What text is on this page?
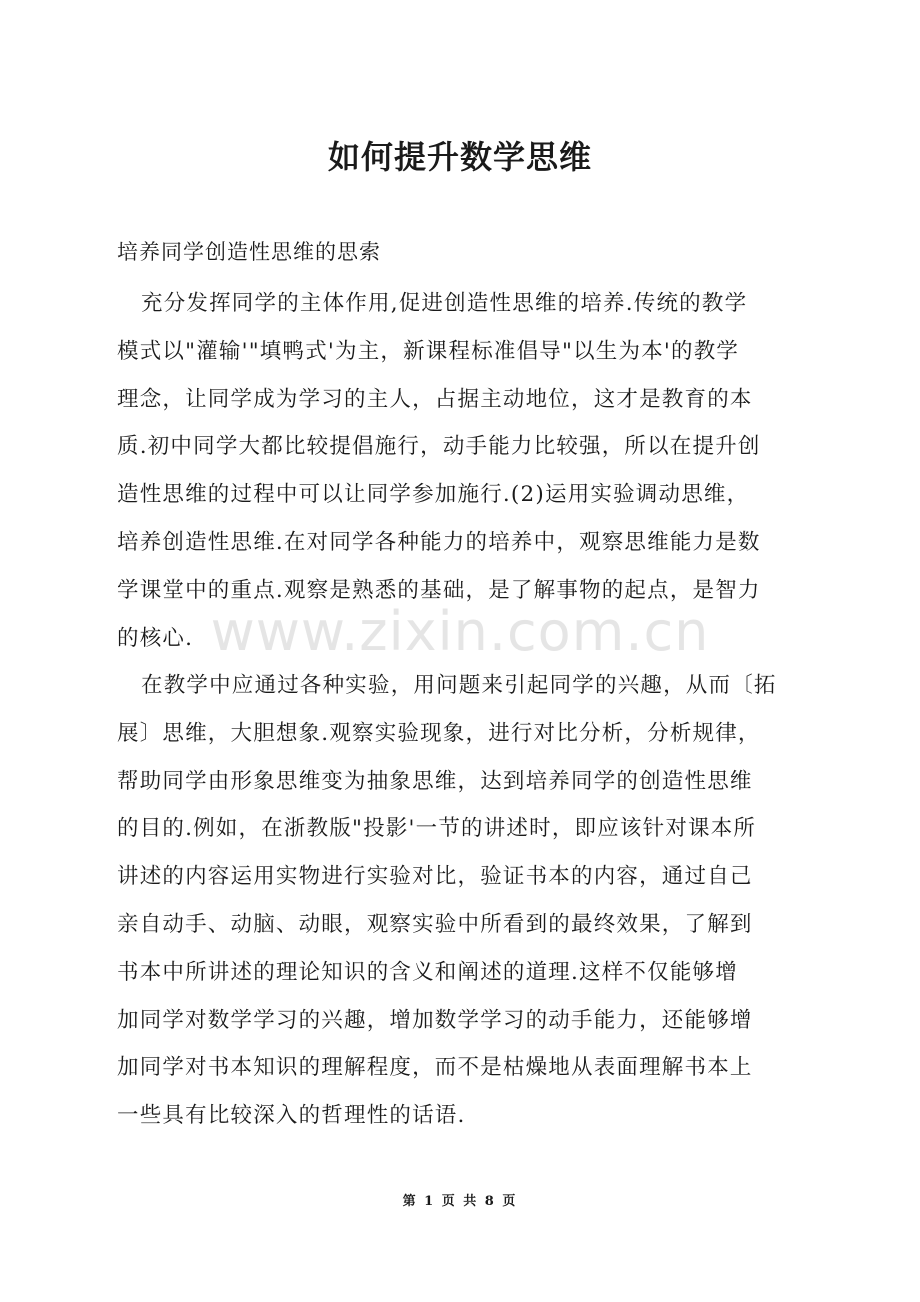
如何提升数学思维

培养同学创造性思维的思索

充分发挥同学的主体作用,促进创造性思维的培养.传统的教学
模式以"灌输'"填鸭式'为主，新课程标准倡导"以生为本'的教学
理念，让同学成为学习的主人，占据主动地位，这才是教育的本
质.初中同学大都比较提倡施行，动手能力比较强，所以在提升创
造性思维的过程中可以让同学参加施行.(2)运用实验调动思维，
培养创造性思维.在对同学各种能力的培养中，观察思维能力是数
学课堂中的重点.观察是熟悉的基础，是了解事物的起点，是智力
的核心.
在教学中应通过各种实验，用问题来引起同学的兴趣，从而〔拓
展〕思维，大胆想象.观察实验现象，进行对比分析，分析规律，
帮助同学由形象思维变为抽象思维，达到培养同学的创造性思维
的目的.例如，在浙教版"投影'一节的讲述时，即应该针对课本所
讲述的内容运用实物进行实验对比，验证书本的内容，通过自己
亲自动手、动脑、动眼，观察实验中所看到的最终效果，了解到
书本中所讲述的理论知识的含义和阐述的道理.这样不仅能够增
加同学对数学学习的兴趣，增加数学学习的动手能力，还能够增
加同学对书本知识的理解程度，而不是枯燥地从表面理解书本上
一些具有比较深入的哲理性的话语.
www.zixin.com.cn
第 1 页 共 8 页
